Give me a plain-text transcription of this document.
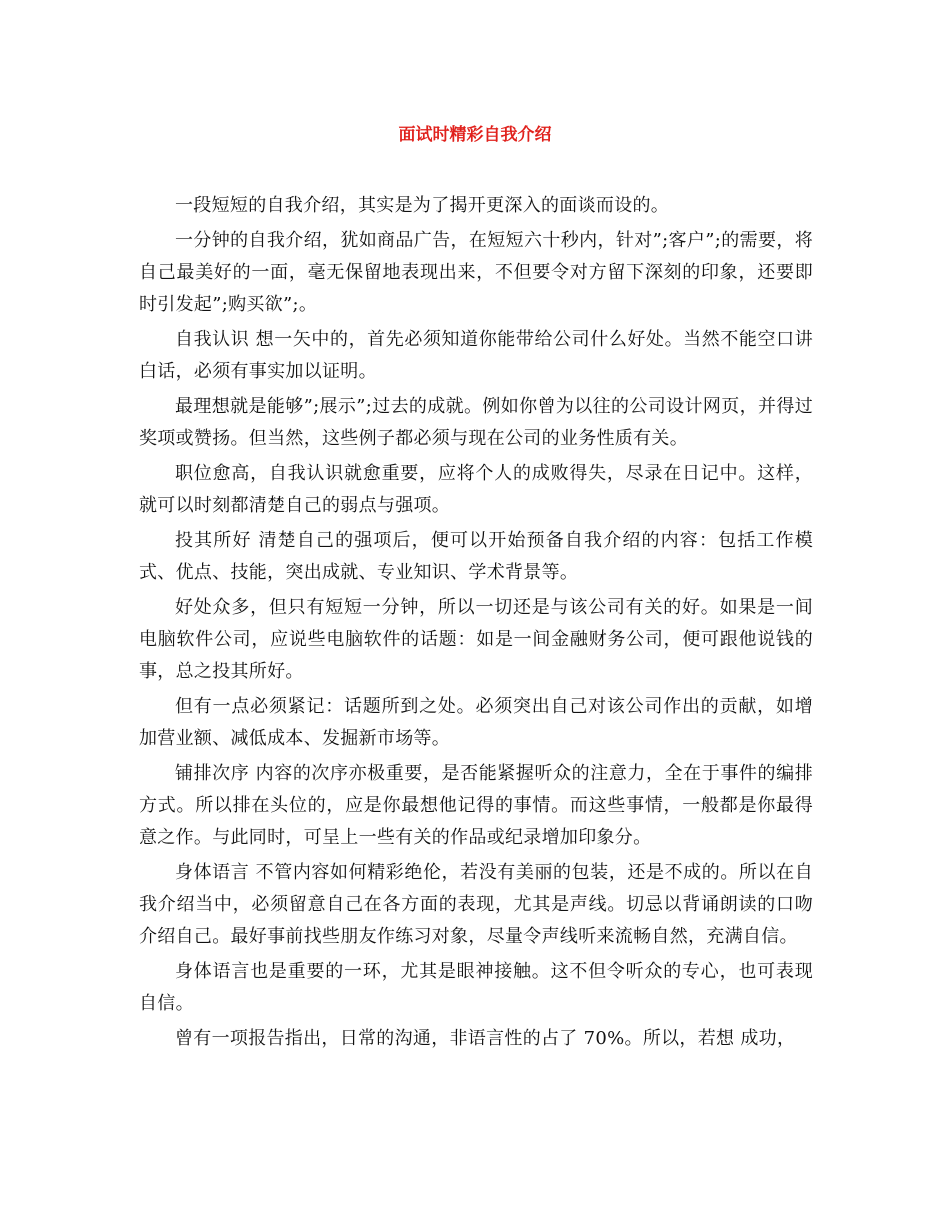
面试时精彩自我介绍

一段短短的自我介绍，其实是为了揭开更深入的面谈而设的。

一分钟的自我介绍，犹如商品广告，在短短六十秒内，针对”;客户”;的需要，将自己最美好的一面，毫无保留地表现出来，不但要令对方留下深刻的印象，还要即时引发起”;购买欲”;。

自我认识 想一矢中的，首先必须知道你能带给公司什么好处。当然不能空口讲白话，必须有事实加以证明。

最理想就是能够”;展示”;过去的成就。例如你曾为以往的公司设计网页，并得过奖项或赞扬。但当然，这些例子都必须与现在公司的业务性质有关。

职位愈高，自我认识就愈重要，应将个人的成败得失，尽录在日记中。这样，就可以时刻都清楚自己的弱点与强项。

投其所好 清楚自己的强项后，便可以开始预备自我介绍的内容：包括工作模式、优点、技能，突出成就、专业知识、学术背景等。

好处众多，但只有短短一分钟，所以一切还是与该公司有关的好。如果是一间电脑软件公司，应说些电脑软件的话题：如是一间金融财务公司，便可跟他说钱的事，总之投其所好。

但有一点必须紧记：话题所到之处。必须突出自己对该公司作出的贡献，如增加营业额、减低成本、发掘新市场等。

铺排次序 内容的次序亦极重要，是否能紧握听众的注意力，全在于事件的编排方式。所以排在头位的，应是你最想他记得的事情。而这些事情，一般都是你最得意之作。与此同时，可呈上一些有关的作品或纪录增加印象分。

身体语言 不管内容如何精彩绝伦，若没有美丽的包装，还是不成的。所以在自我介绍当中，必须留意自己在各方面的表现，尤其是声线。切忌以背诵朗读的口吻介绍自己。最好事前找些朋友作练习对象，尽量令声线听来流畅自然，充满自信。

身体语言也是重要的一环，尤其是眼神接触。这不但令听众的专心，也可表现自信。

曾有一项报告指出，日常的沟通，非语言性的占了 70%。所以，若想 成功，
